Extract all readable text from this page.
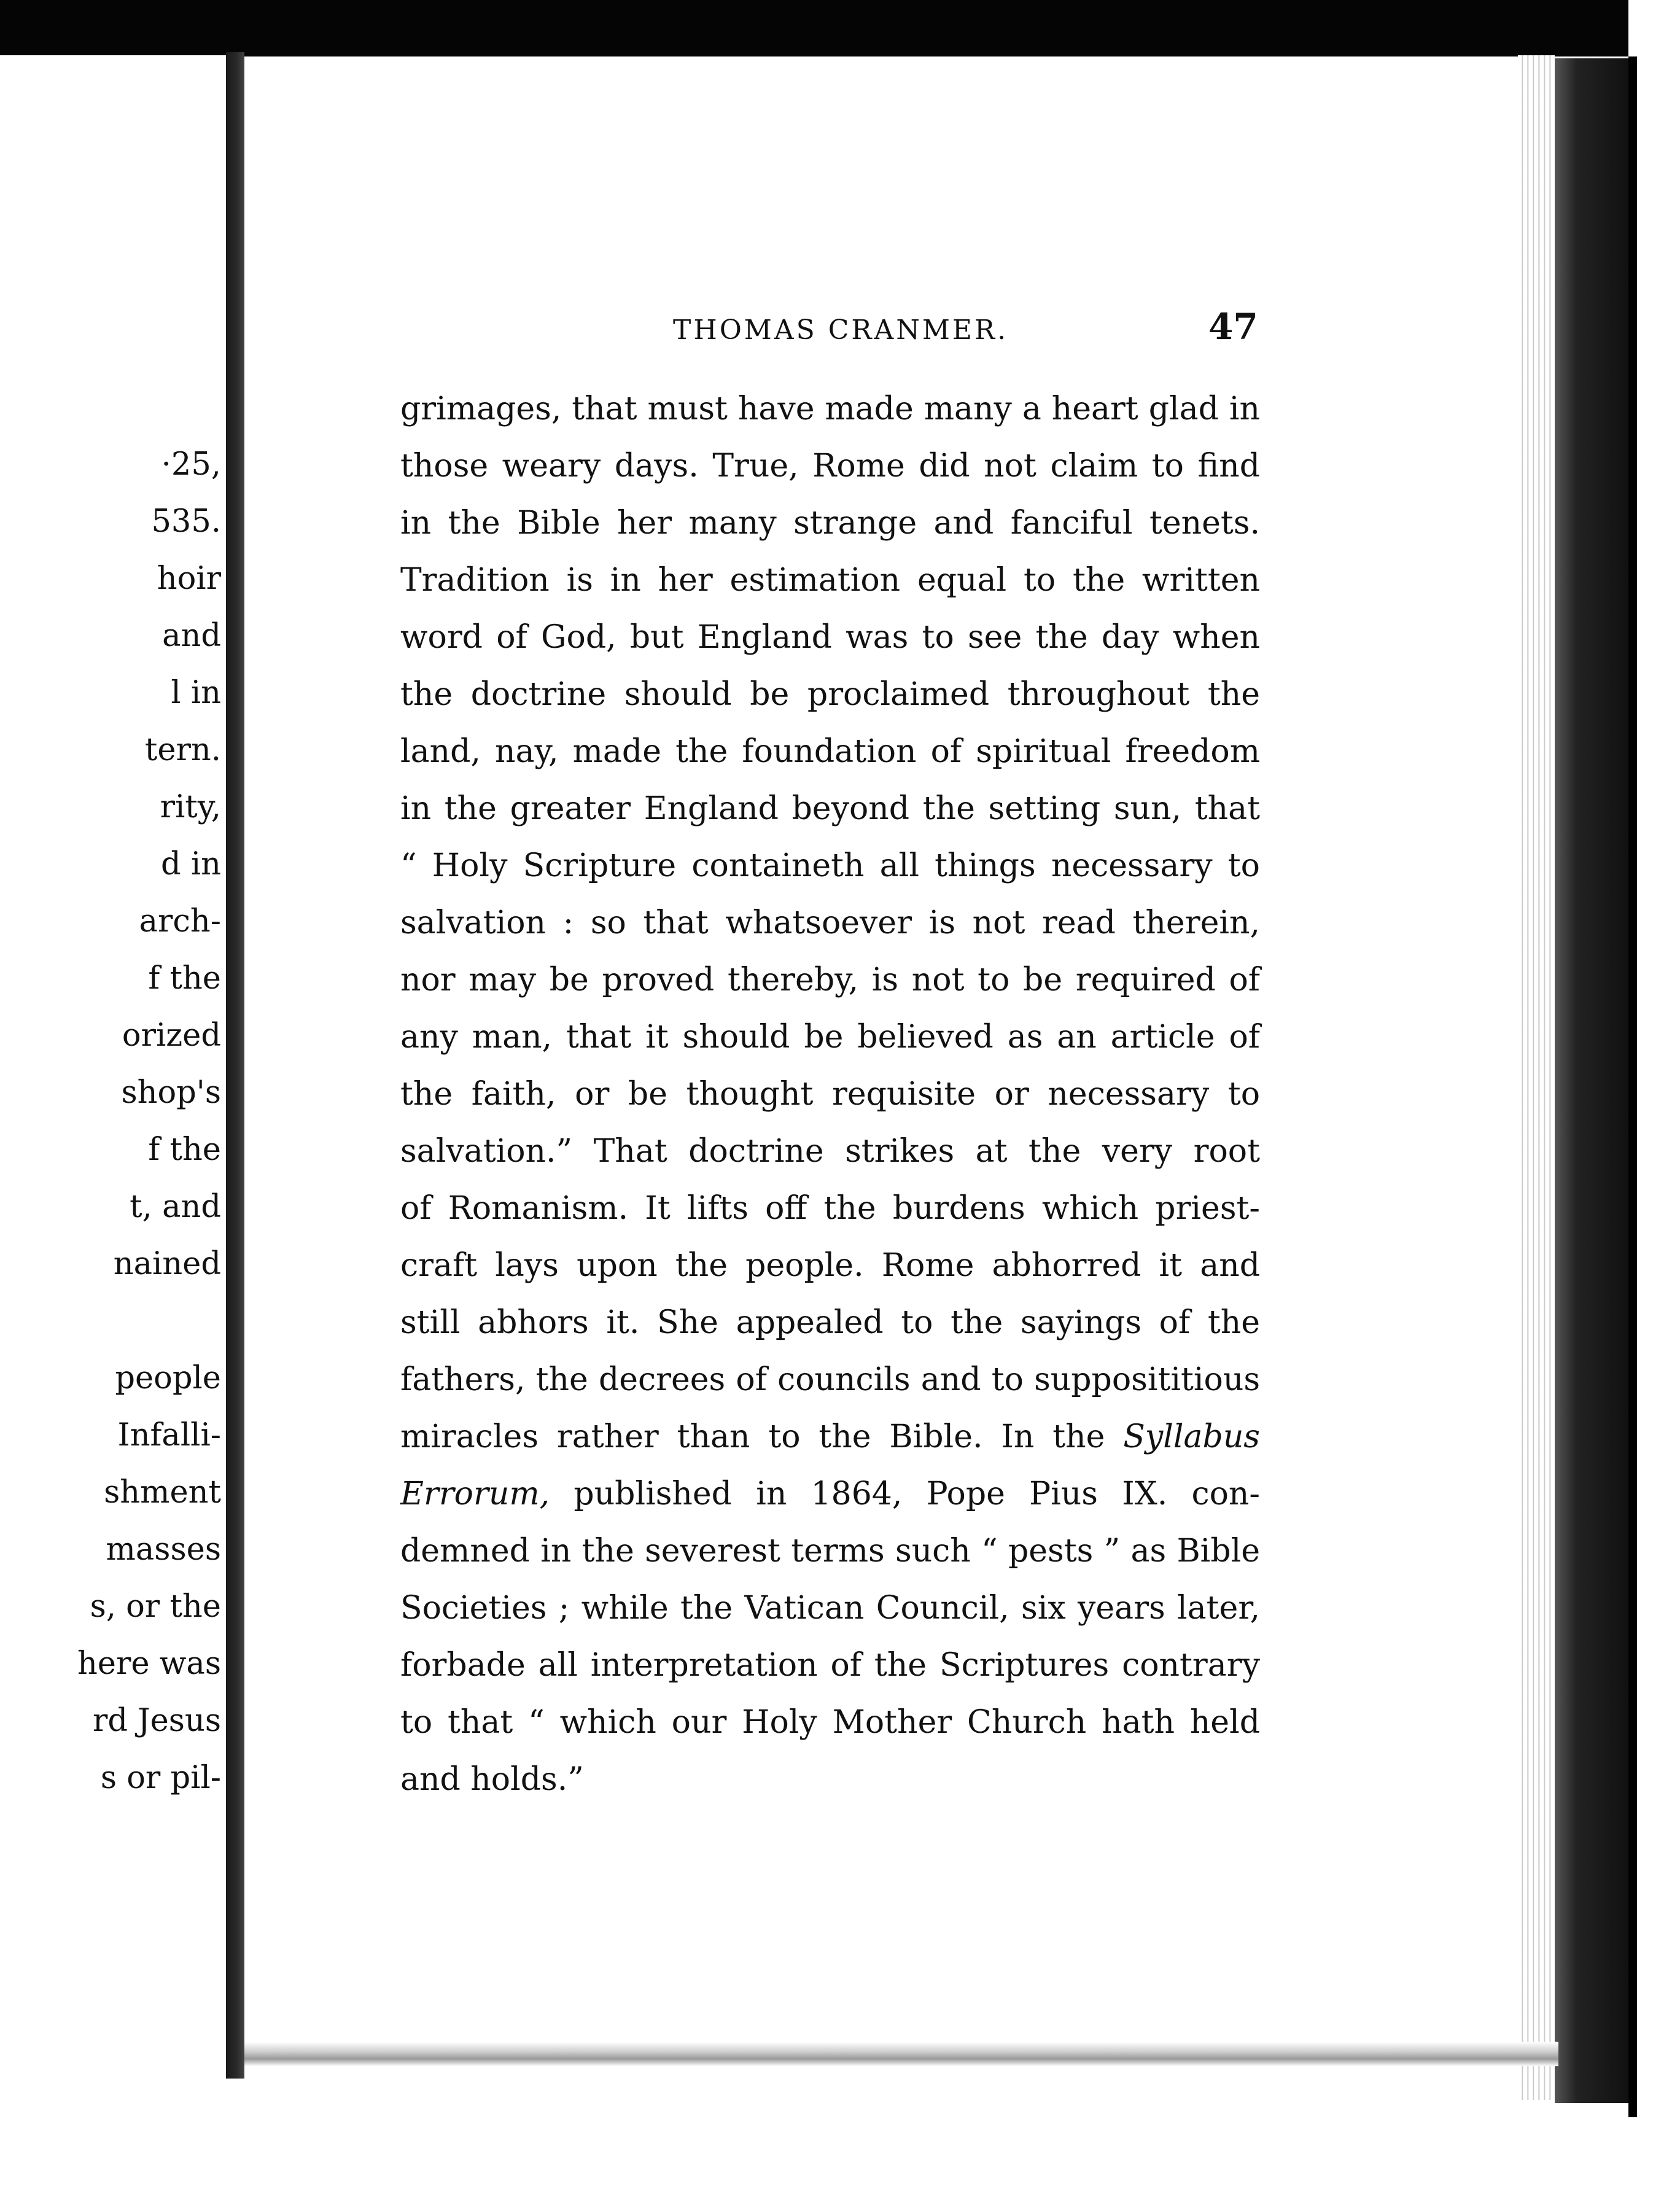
·25,
535.
hoir
and
l in
tern.
rity,
d in
arch-
f the
orized
shop's
f the
t, and
nained
people
Infalli-
shment
masses
s, or the
here was
rd Jesus
s or pil-
THOMAS CRANMER.	47
grimages, that must have made many a heart glad in
those weary days. True, Rome did not claim to find
in the Bible her many strange and fanciful tenets.
Tradition is in her estimation equal to the written
word of God, but England was to see the day when
the doctrine should be proclaimed throughout the
land, nay, made the foundation of spiritual freedom
in the greater England beyond the setting sun, that
“ Holy Scripture containeth all things necessary to
salvation : so that whatsoever is not read therein,
nor may be proved thereby, is not to be required of
any man, that it should be believed as an article of
the faith, or be thought requisite or necessary to
salvation.” That doctrine strikes at the very root
of Romanism. It lifts off the burdens which priest-
craft lays upon the people. Rome abhorred it and
still abhors it. She appealed to the sayings of the
fathers, the decrees of councils and to supposititious
miracles rather than to the Bible. In the Syllabus
Errorum, published in 1864, Pope Pius IX. con-
demned in the severest terms such “ pests ” as Bible
Societies ; while the Vatican Council, six years later,
forbade all interpretation of the Scriptures contrary
to that “ which our Holy Mother Church hath held
and holds.”
